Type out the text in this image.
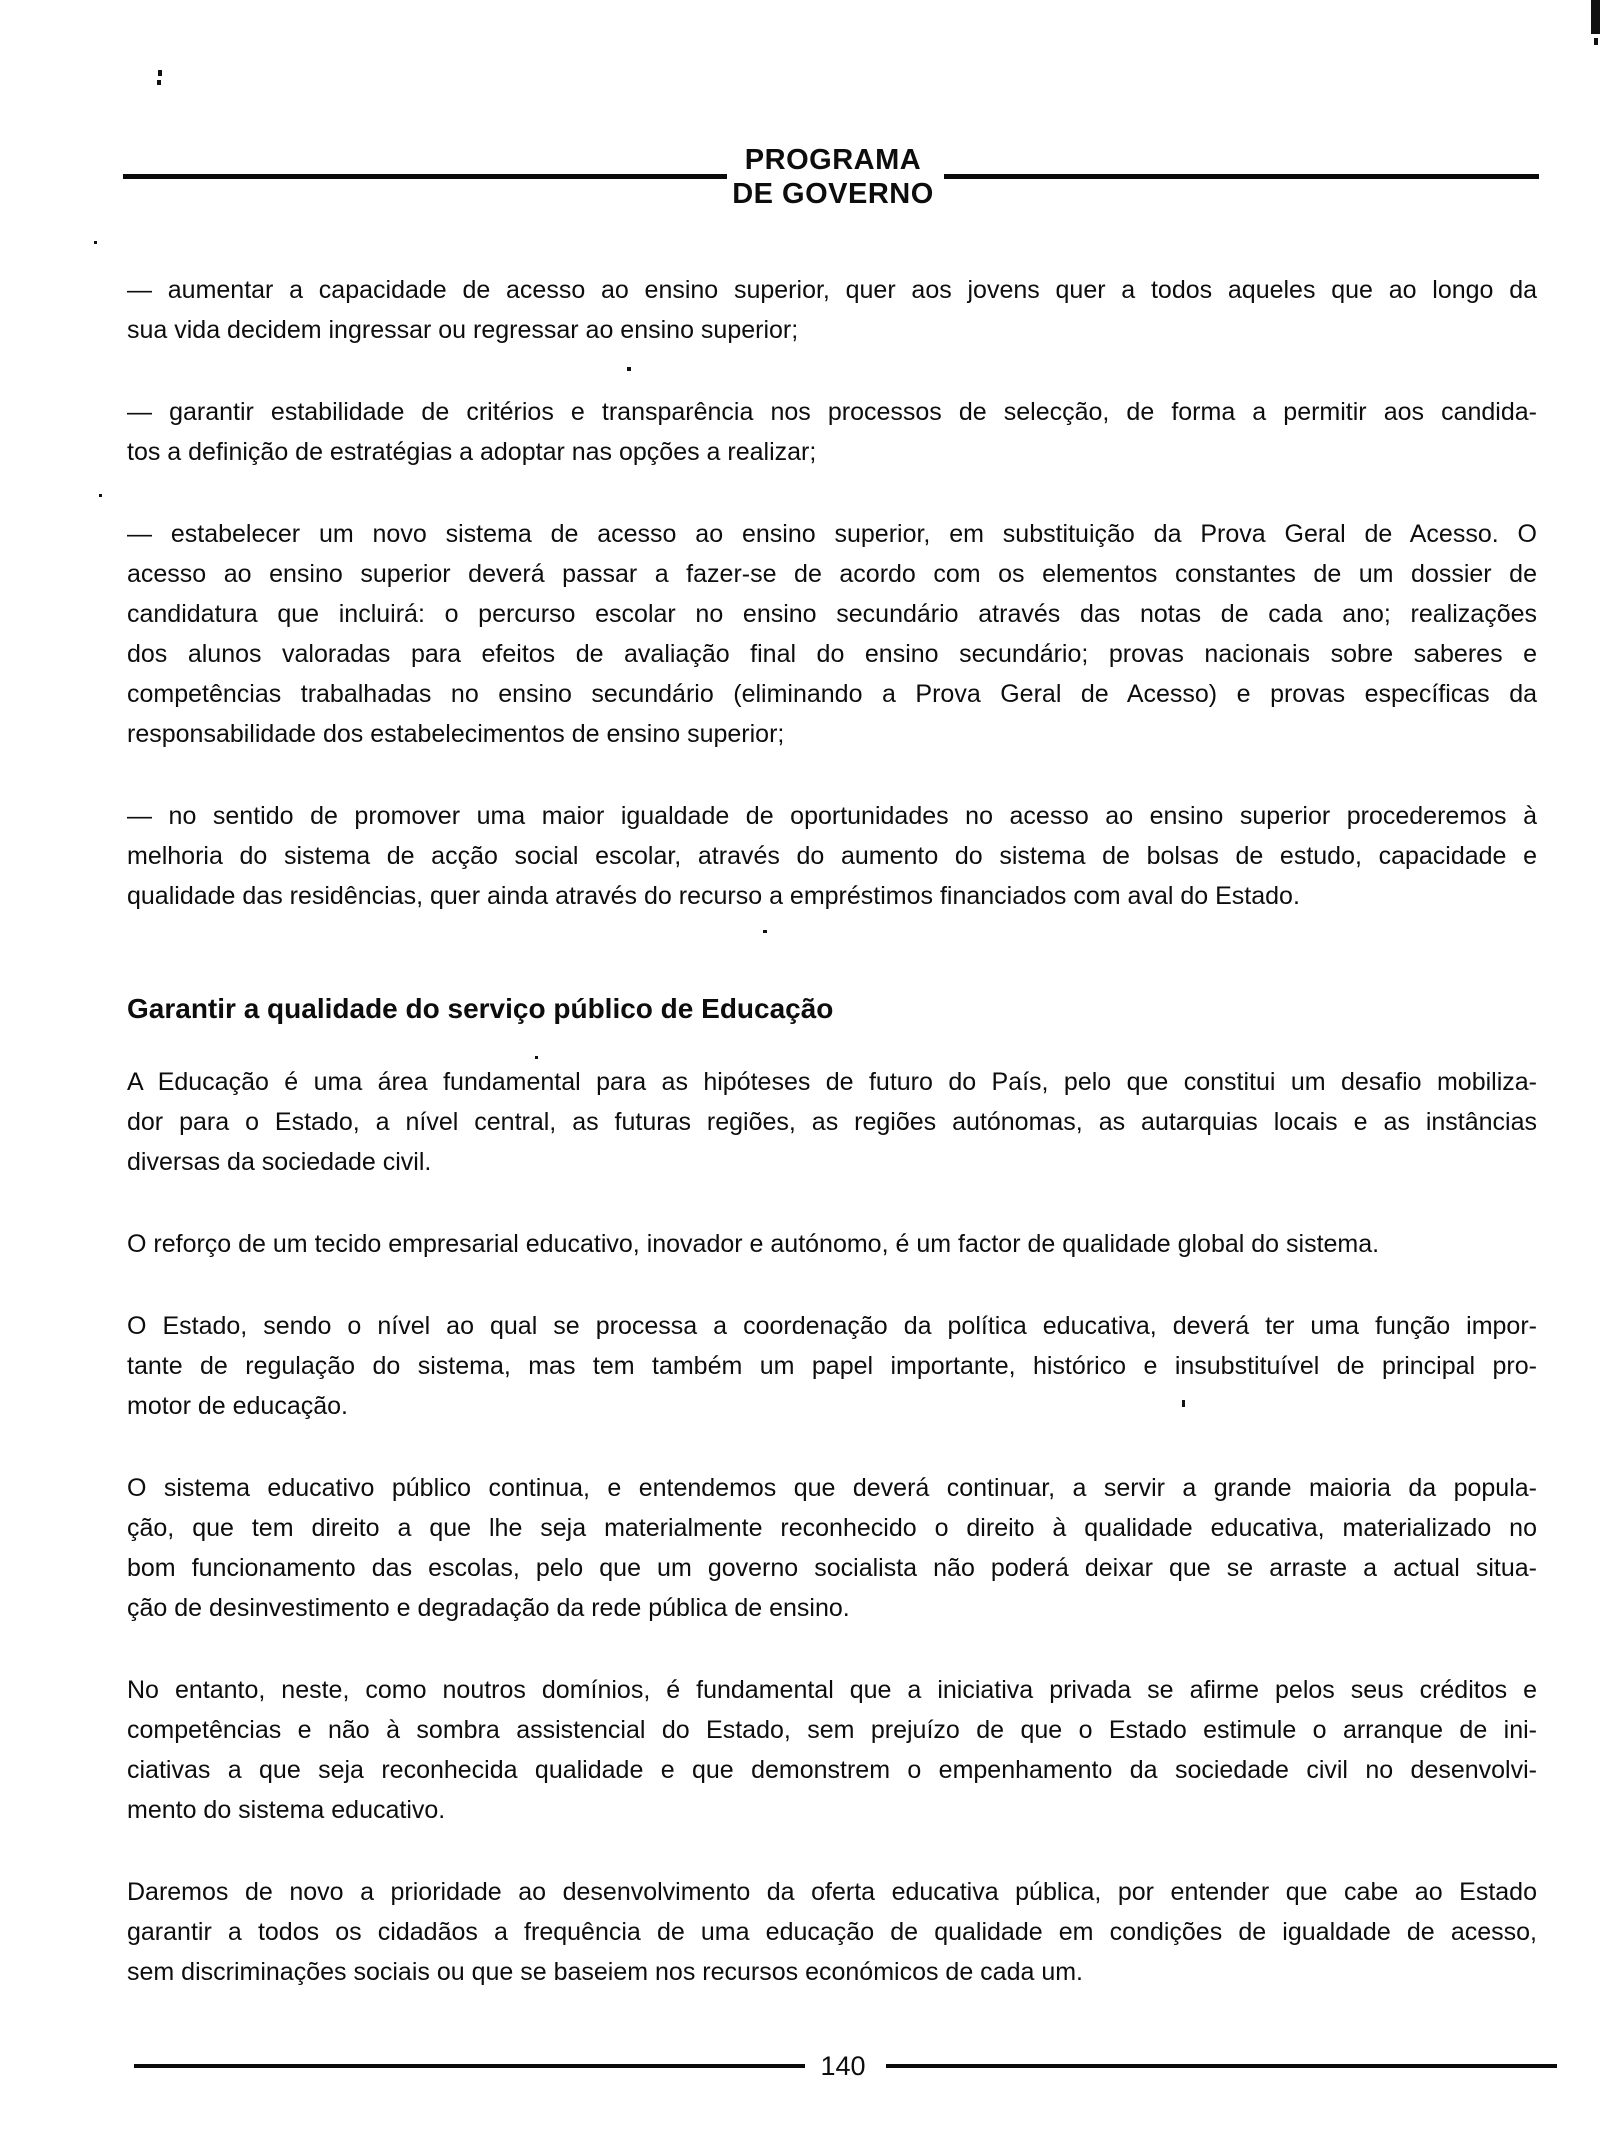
PROGRAMA
DE GOVERNO
— aumentar a capacidade de acesso ao ensino superior, quer aos jovens quer a todos aqueles que ao longo da
sua vida decidem ingressar ou regressar ao ensino superior;
— garantir estabilidade de critérios e transparência nos processos de selecção, de forma a permitir aos candida-
tos a definição de estratégias a adoptar nas opções a realizar;
— estabelecer um novo sistema de acesso ao ensino superior, em substituição da Prova Geral de Acesso. O
acesso ao ensino superior deverá passar a fazer-se de acordo com os elementos constantes de um dossier de
candidatura que incluirá: o percurso escolar no ensino secundário através das notas de cada ano; realizações
dos alunos valoradas para efeitos de avaliação final do ensino secundário; provas nacionais sobre saberes e
competências trabalhadas no ensino secundário (eliminando a Prova Geral de Acesso) e provas específicas da
responsabilidade dos estabelecimentos de ensino superior;
— no sentido de promover uma maior igualdade de oportunidades no acesso ao ensino superior procederemos à
melhoria do sistema de acção social escolar, através do aumento do sistema de bolsas de estudo, capacidade e
qualidade das residências, quer ainda através do recurso a empréstimos financiados com aval do Estado.
Garantir a qualidade do serviço público de Educação
A Educação é uma área fundamental para as hipóteses de futuro do País, pelo que constitui um desafio mobiliza-
dor para o Estado, a nível central, as futuras regiões, as regiões autónomas, as autarquias locais e as instâncias
diversas da sociedade civil.
O reforço de um tecido empresarial educativo, inovador e autónomo, é um factor de qualidade global do sistema.
O Estado, sendo o nível ao qual se processa a coordenação da política educativa, deverá ter uma função impor-
tante de regulação do sistema, mas tem também um papel importante, histórico e insubstituível de principal pro-
motor de educação.
O sistema educativo público continua, e entendemos que deverá continuar, a servir a grande maioria da popula-
ção, que tem direito a que lhe seja materialmente reconhecido o direito à qualidade educativa, materializado no
bom funcionamento das escolas, pelo que um governo socialista não poderá deixar que se arraste a actual situa-
ção de desinvestimento e degradação da rede pública de ensino.
No entanto, neste, como noutros domínios, é fundamental que a iniciativa privada se afirme pelos seus créditos e
competências e não à sombra assistencial do Estado, sem prejuízo de que o Estado estimule o arranque de ini-
ciativas a que seja reconhecida qualidade e que demonstrem o empenhamento da sociedade civil no desenvolvi-
mento do sistema educativo.
Daremos de novo a prioridade ao desenvolvimento da oferta educativa pública, por entender que cabe ao Estado
garantir a todos os cidadãos a frequência de uma educação de qualidade em condições de igualdade de acesso,
sem discriminações sociais ou que se baseiem nos recursos económicos de cada um.
140
